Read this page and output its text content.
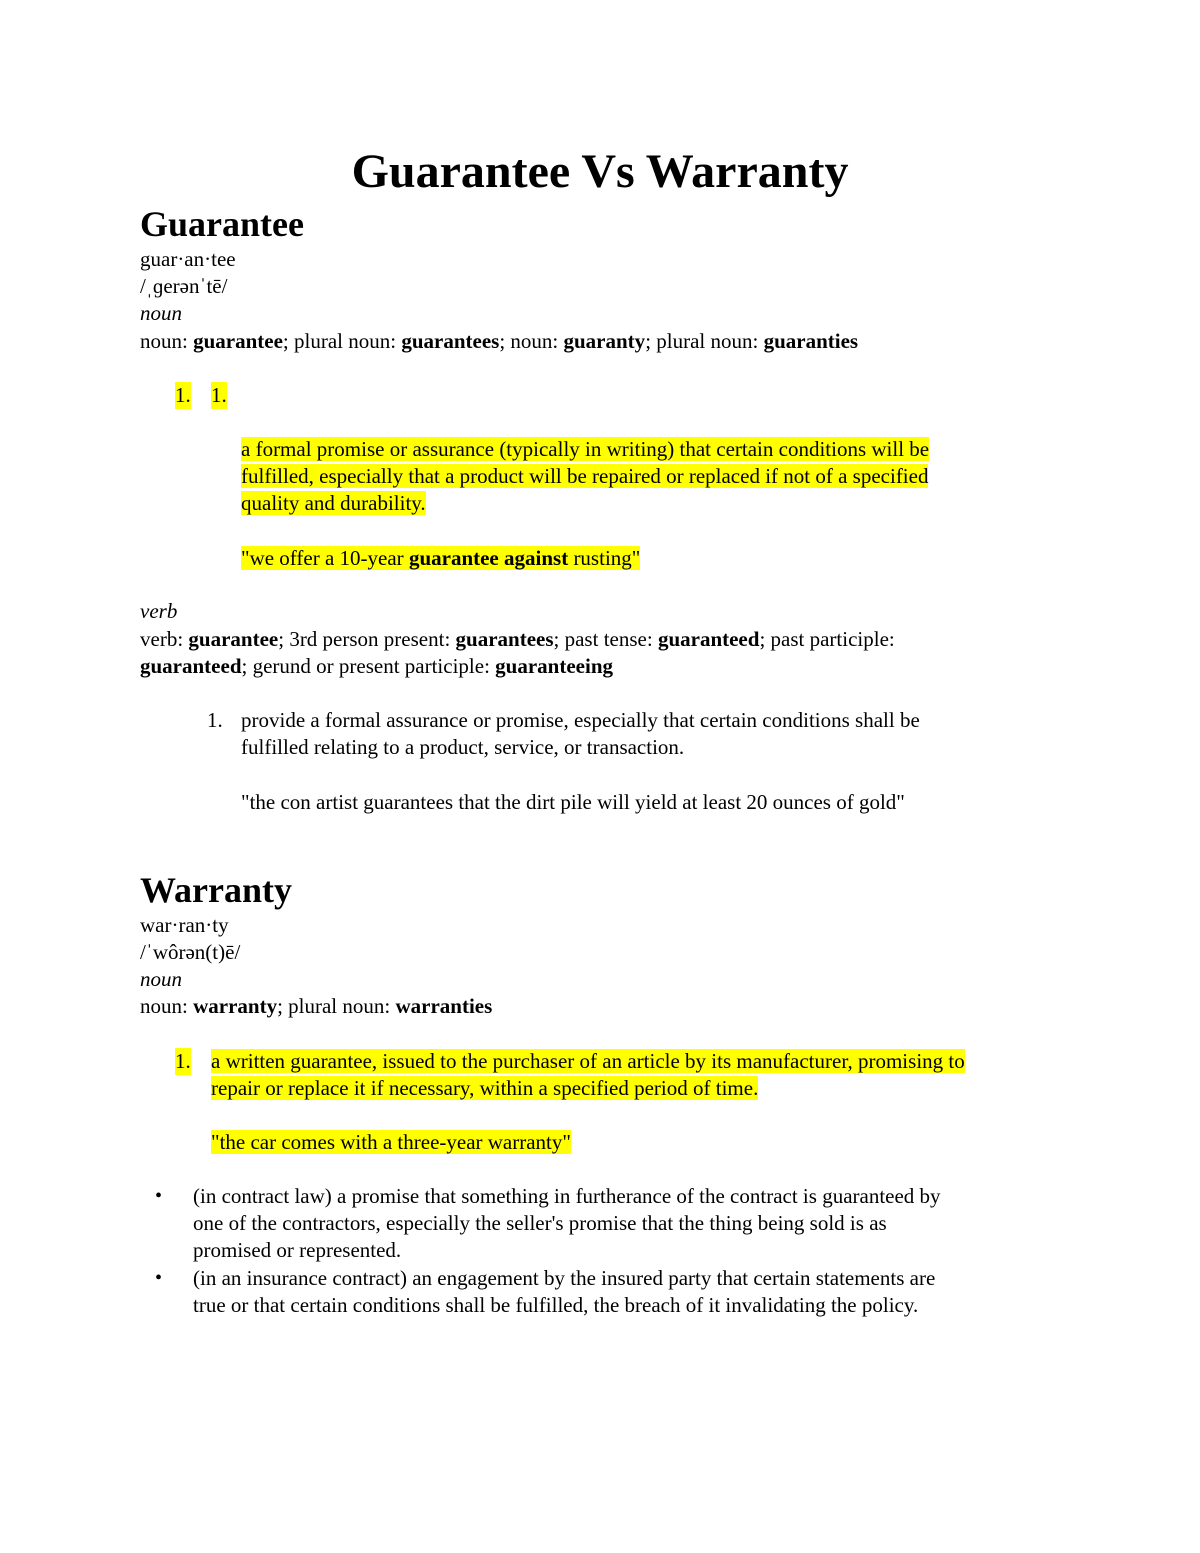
Guarantee Vs Warranty
Guarantee
guar·an·tee
/ˌɡerənˈtē/
noun
noun: guarantee; plural noun: guarantees; noun: guaranty; plural noun: guaranties
1. 1.
a formal promise or assurance (typically in writing) that certain conditions will be
fulfilled, especially that a product will be repaired or replaced if not of a specified
quality and durability.
"we offer a 10-year guarantee against rusting"
verb
verb: guarantee; 3rd person present: guarantees; past tense: guaranteed; past participle:
guaranteed; gerund or present participle: guaranteeing
1. provide a formal assurance or promise, especially that certain conditions shall be
fulfilled relating to a product, service, or transaction.
"the con artist guarantees that the dirt pile will yield at least 20 ounces of gold"
Warranty
war·ran·ty
/ˈwôrən(t)ē/
noun
noun: warranty; plural noun: warranties
1. a written guarantee, issued to the purchaser of an article by its manufacturer, promising to
repair or replace it if necessary, within a specified period of time.
"the car comes with a three-year warranty"
• (in contract law) a promise that something in furtherance of the contract is guaranteed by
one of the contractors, especially the seller's promise that the thing being sold is as
promised or represented.
• (in an insurance contract) an engagement by the insured party that certain statements are
true or that certain conditions shall be fulfilled, the breach of it invalidating the policy.
